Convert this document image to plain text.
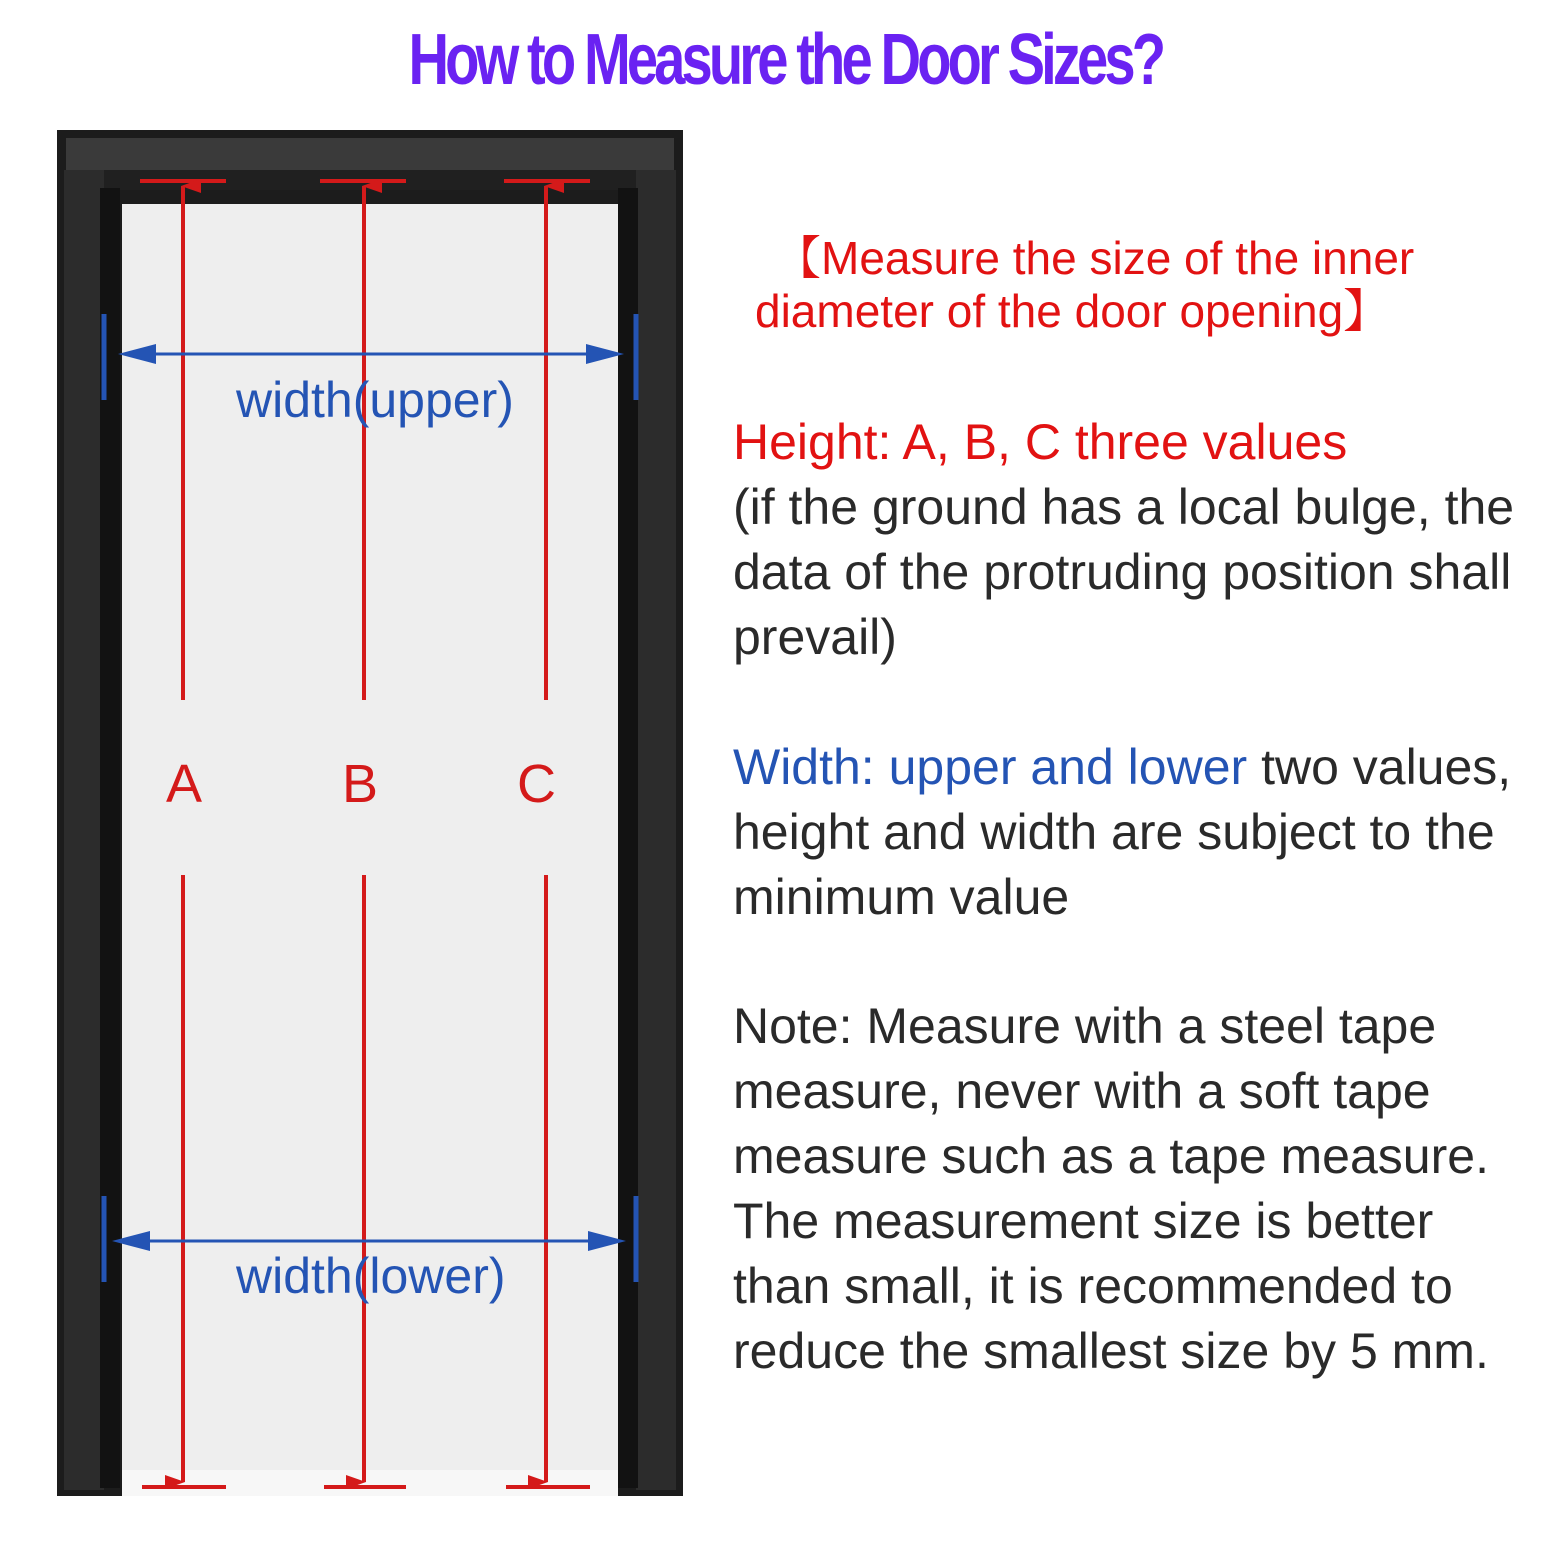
How to Measure the Door Sizes?
width(upper)
width(lower)
A	B	C
【Measure the size of the inner
diameter of the door opening】
Height: A, B, C three values
(if the ground has a local bulge, the data of the protruding position shall prevail)
Width: upper and lower two values, height and width are subject to the minimum value
Note: Measure with a steel tape measure, never with a soft tape measure such as a tape measure. The measurement size is better than small, it is recommended to reduce the smallest size by 5 mm.
